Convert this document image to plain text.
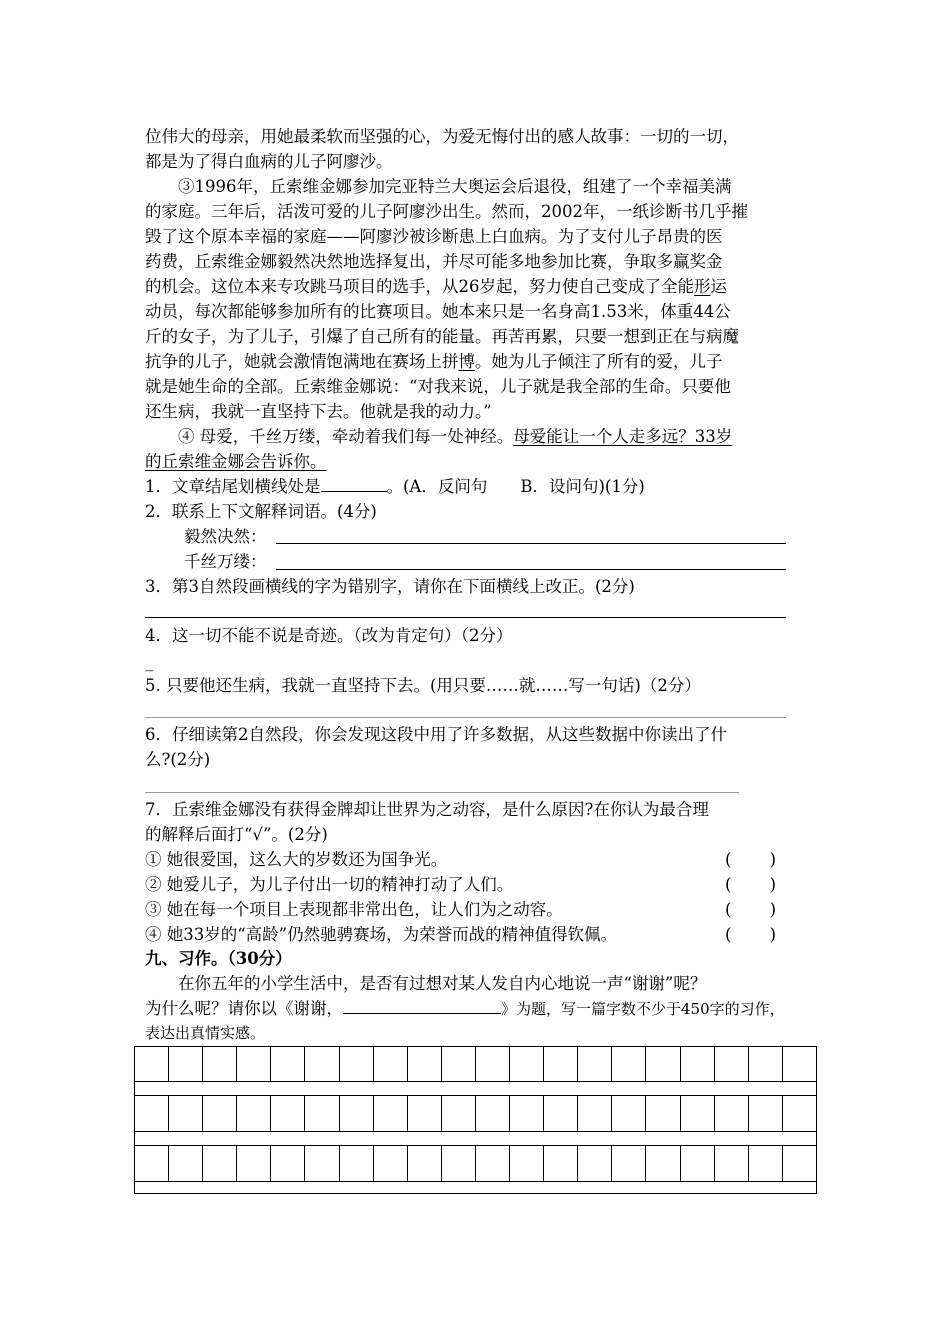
位伟大的母亲，用她最柔软而坚强的心，为爱无悔付出的感人故事：一切的一切，
都是为了得白血病的儿子阿廖沙。
③1996年，丘索维金娜参加完亚特兰大奥运会后退役，组建了一个幸福美满
的家庭。三年后，活泼可爱的儿子阿廖沙出生。然而，2002年，一纸诊断书几乎摧
毁了这个原本幸福的家庭——阿廖沙被诊断患上白血病。为了支付儿子昂贵的医
药费，丘索维金娜毅然决然地选择复出，并尽可能多地参加比赛，争取多赢奖金
的机会。这位本来专攻跳马项目的选手，从26岁起，努力使自己变成了全能形运
动员，每次都能够参加所有的比赛项目。她本来只是一名身高1.53米，体重44公
斤的女子，为了儿子，引爆了自己所有的能量。再苦再累，只要一想到正在与病魔
抗争的儿子，她就会激情饱满地在赛场上拼博。她为儿子倾注了所有的爱，儿子
就是她生命的全部。丘索维金娜说：“对我来说，儿子就是我全部的生命。只要他
还生病，我就一直坚持下去。他就是我的动力。”
④ 母爱，千丝万缕，牵动着我们每一处神经。母爱能让一个人走多远？33岁
的丘索维金娜会告诉你。
1．文章结尾划横线处是	。(A．反问句　　B．设问句)(1分)
2．联系上下文解释词语。(4分)
毅然决然：
千丝万缕：
3．第3自然段画横线的字为错别字，请你在下面横线上改正。(2分)
4．这一切不能不说是奇迹。（改为肯定句）（2分）
_
5. 只要他还生病，我就一直坚持下去。(用只要……就……写一句话)（2分）
6．仔细读第2自然段，你会发现这段中用了许多数据，从这些数据中你读出了什
么?(2分)
7．丘索维金娜没有获得金牌却让世界为之动容，是什么原因?在你认为最合理
的解释后面打“√”。(2分)
① 她很爱国，这么大的岁数还为国争光。	(　　 )
② 她爱儿子，为儿子付出一切的精神打动了人们。	(　　 )
③ 她在每一个项目上表现都非常出色，让人们为之动容。	(　　 )
④ 她33岁的“高龄”仍然驰骋赛场，为荣誉而战的精神值得钦佩。	(　　 )
九、习作。（30分）
在你五年的小学生活中，是否有过想对某人发自内心地说一声“谢谢”呢？
为什么呢？请你以《谢谢，	》为题，写一篇字数不少于450字的习作，
表达出真情实感。
